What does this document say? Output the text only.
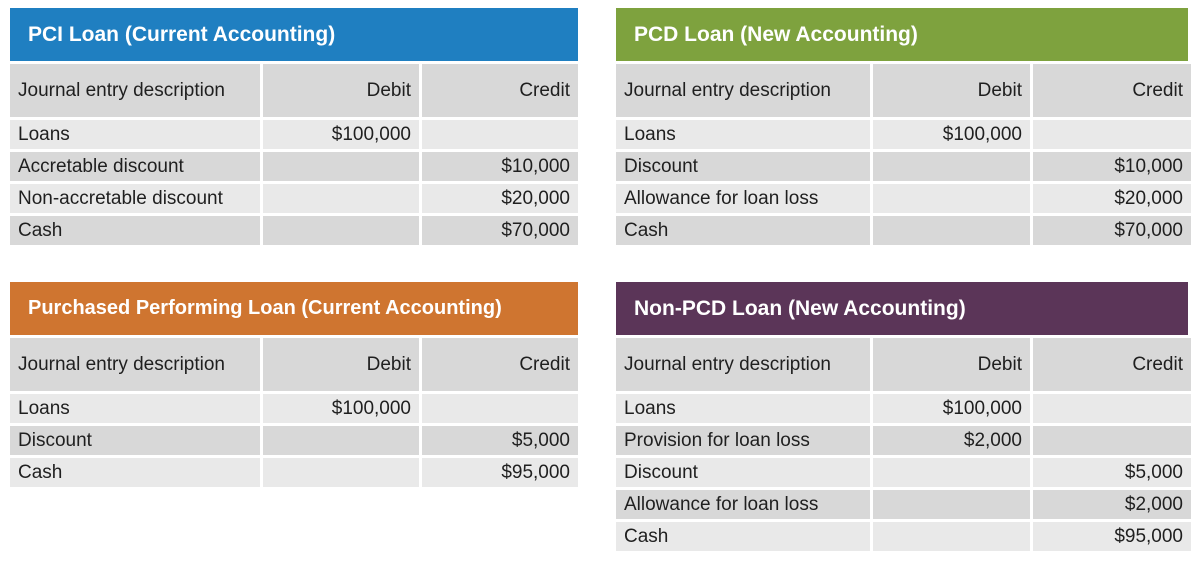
PCI Loan (Current Accounting)
Journal entry description	Debit	Credit
Loans	$100,000	
Accretable discount		$10,000
Non-accretable discount		$20,000
Cash		$70,000
PCD Loan (New Accounting)
Journal entry description	Debit	Credit
Loans	$100,000	
Discount		$10,000
Allowance for loan loss		$20,000
Cash		$70,000
Purchased Performing Loan (Current Accounting)
Journal entry description	Debit	Credit
Loans	$100,000	
Discount		$5,000
Cash		$95,000
Non-PCD Loan (New Accounting)
Journal entry description	Debit	Credit
Loans	$100,000	
Provision for loan loss	$2,000	
Discount		$5,000
Allowance for loan loss		$2,000
Cash		$95,000
